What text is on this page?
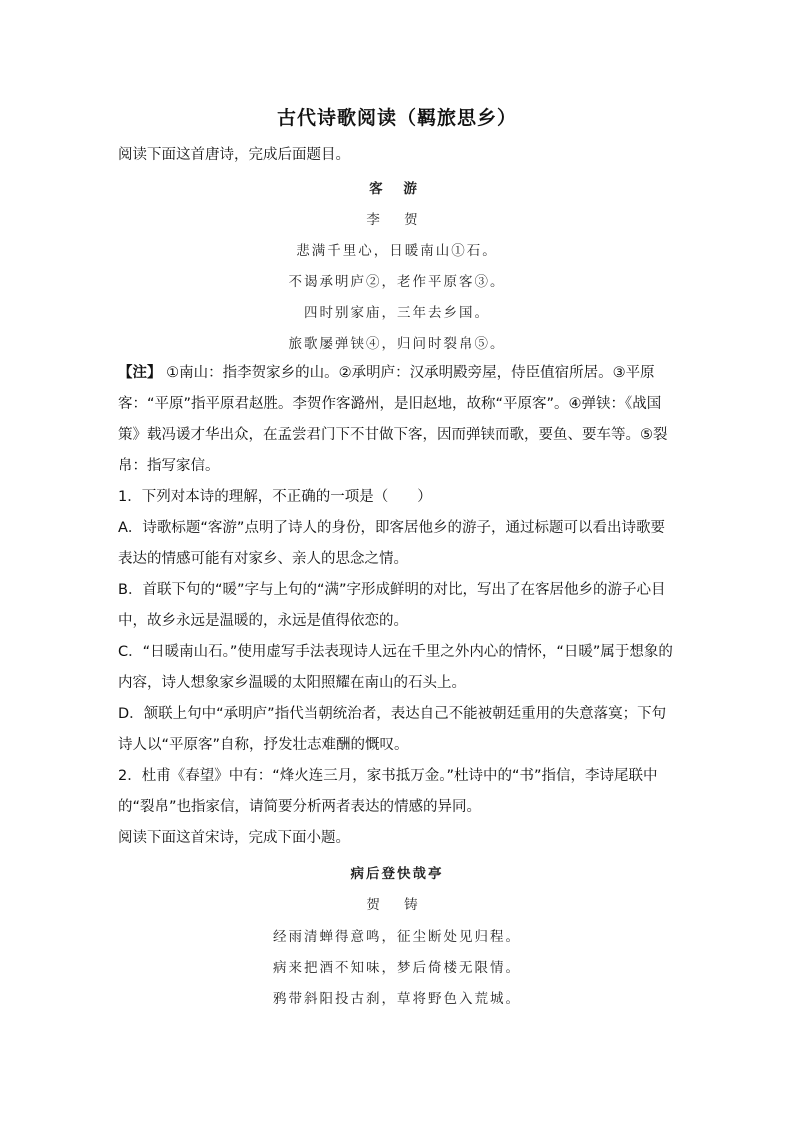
古代诗歌阅读（羁旅思乡）
阅读下面这首唐诗，完成后面题目。
客 游
李 贺
悲满千里心，日暖南山①石。
不谒承明庐②，老作平原客③。
四时别家庙，三年去乡国。
旅歌屡弹铗④，归问时裂帛⑤。
【注】 ①南山：指李贺家乡的山。②承明庐：汉承明殿旁屋，侍臣值宿所居。③平原客：“平原”指平原君赵胜。李贺作客潞州，是旧赵地，故称“平原客”。④弹铗：《战国策》载冯谖才华出众，在孟尝君门下不甘做下客，因而弹铗而歌，要鱼、要车等。⑤裂帛：指写家信。
1．下列对本诗的理解，不正确的一项是（　　）
A．诗歌标题“客游”点明了诗人的身份，即客居他乡的游子，通过标题可以看出诗歌要表达的情感可能有对家乡、亲人的思念之情。
B．首联下句的“暖”字与上句的“满”字形成鲜明的对比，写出了在客居他乡的游子心目中，故乡永远是温暖的，永远是值得依恋的。
C．“日暖南山石。”使用虚写手法表现诗人远在千里之外内心的情怀，“日暖”属于想象的内容，诗人想象家乡温暖的太阳照耀在南山的石头上。
D．颔联上句中“承明庐”指代当朝统治者，表达自己不能被朝廷重用的失意落寞；下句诗人以“平原客”自称，抒发壮志难酬的慨叹。
2．杜甫《春望》中有：“烽火连三月，家书抵万金。”杜诗中的“书”指信，李诗尾联中的“裂帛”也指家信，请简要分析两者表达的情感的异同。
阅读下面这首宋诗，完成下面小题。
病后登快哉亭
贺 铸
经雨清蝉得意鸣，征尘断处见归程。
病来把酒不知味，梦后倚楼无限情。
鸦带斜阳投古刹，草将野色入荒城。
